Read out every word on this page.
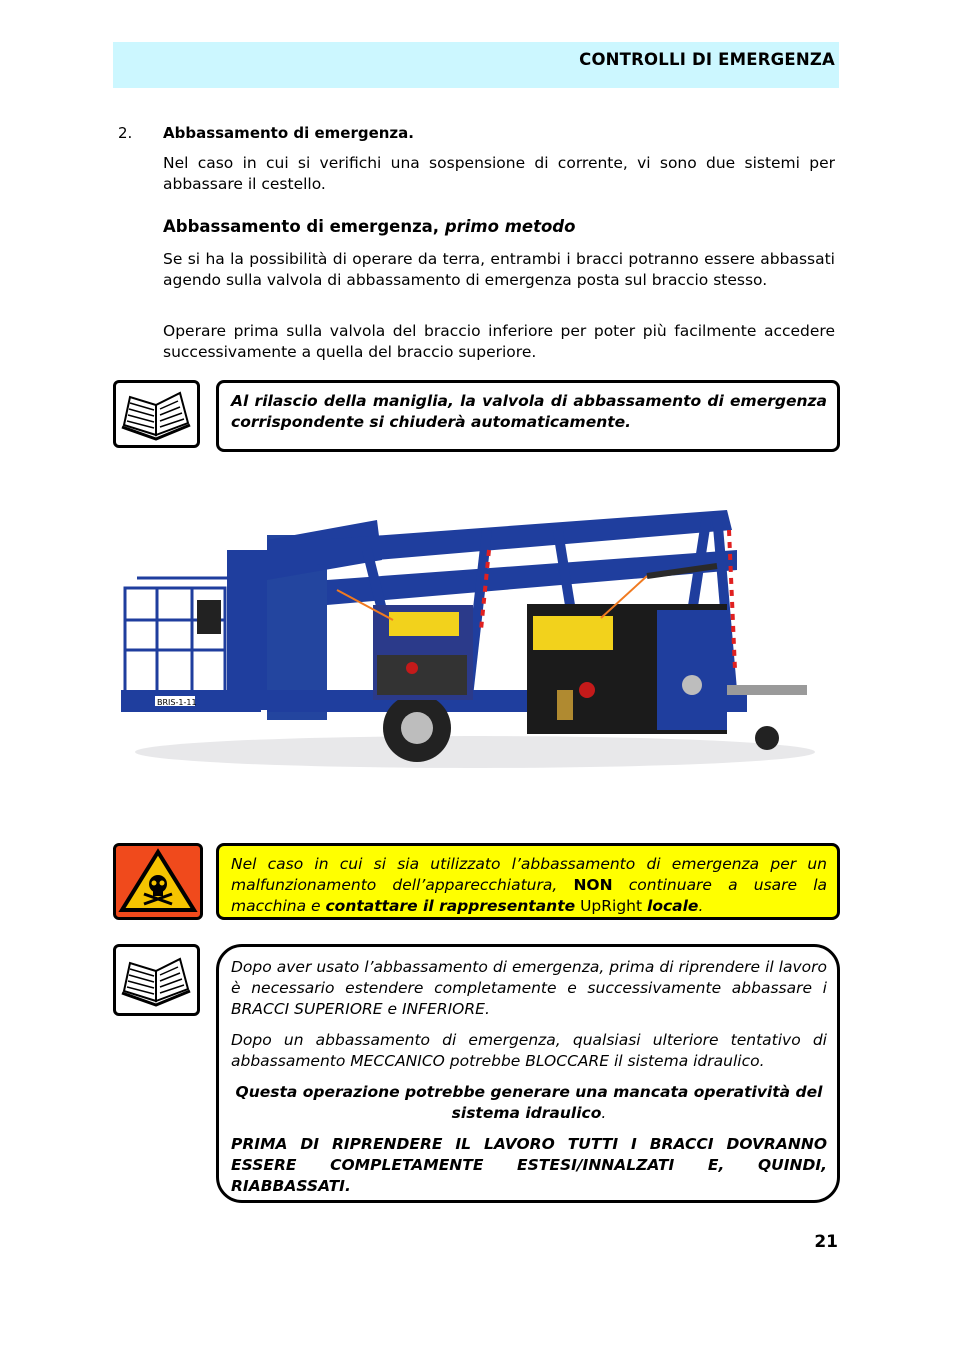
CONTROLLI DI EMERGENZA
2. Abbassamento di emergenza.
Nel caso in cui si verifichi una sospensione di corrente, vi sono due sistemi per abbassare il cestello.
Abbassamento di emergenza, primo metodo
Se si ha la possibilità di operare da terra, entrambi i bracci potranno essere abbassati agendo sulla valvola di abbassamento di emergenza posta sul braccio stesso.
Operare prima sulla valvola del braccio inferiore per poter più facilmente accedere successivamente a quella del braccio superiore.

Al rilascio della maniglia, la valvola di abbassamento di emergenza corrispondente si chiuderà automaticamente.

BRIS-1-11

Nel caso in cui si sia utilizzato l’abbassamento di emergenza per un malfunzionamento dell’apparecchiatura, NON continuare a usare la macchina e contattare il rappresentante UpRight locale.

Dopo aver usato l’abbassamento di emergenza, prima di riprendere il lavoro è necessario estendere completamente e successivamente abbassare i BRACCI SUPERIORE e INFERIORE.

Dopo un abbassamento di emergenza, qualsiasi ulteriore tentativo di abbassamento MECCANICO potrebbe BLOCCARE il sistema idraulico.

Questa operazione potrebbe generare una mancata operatività del sistema idraulico.

PRIMA DI RIPRENDERE IL LAVORO TUTTI I BRACCI DOVRANNO ESSERE COMPLETAMENTE ESTESI/INNALZATI E, QUINDI, RIABBASSATI.

21
